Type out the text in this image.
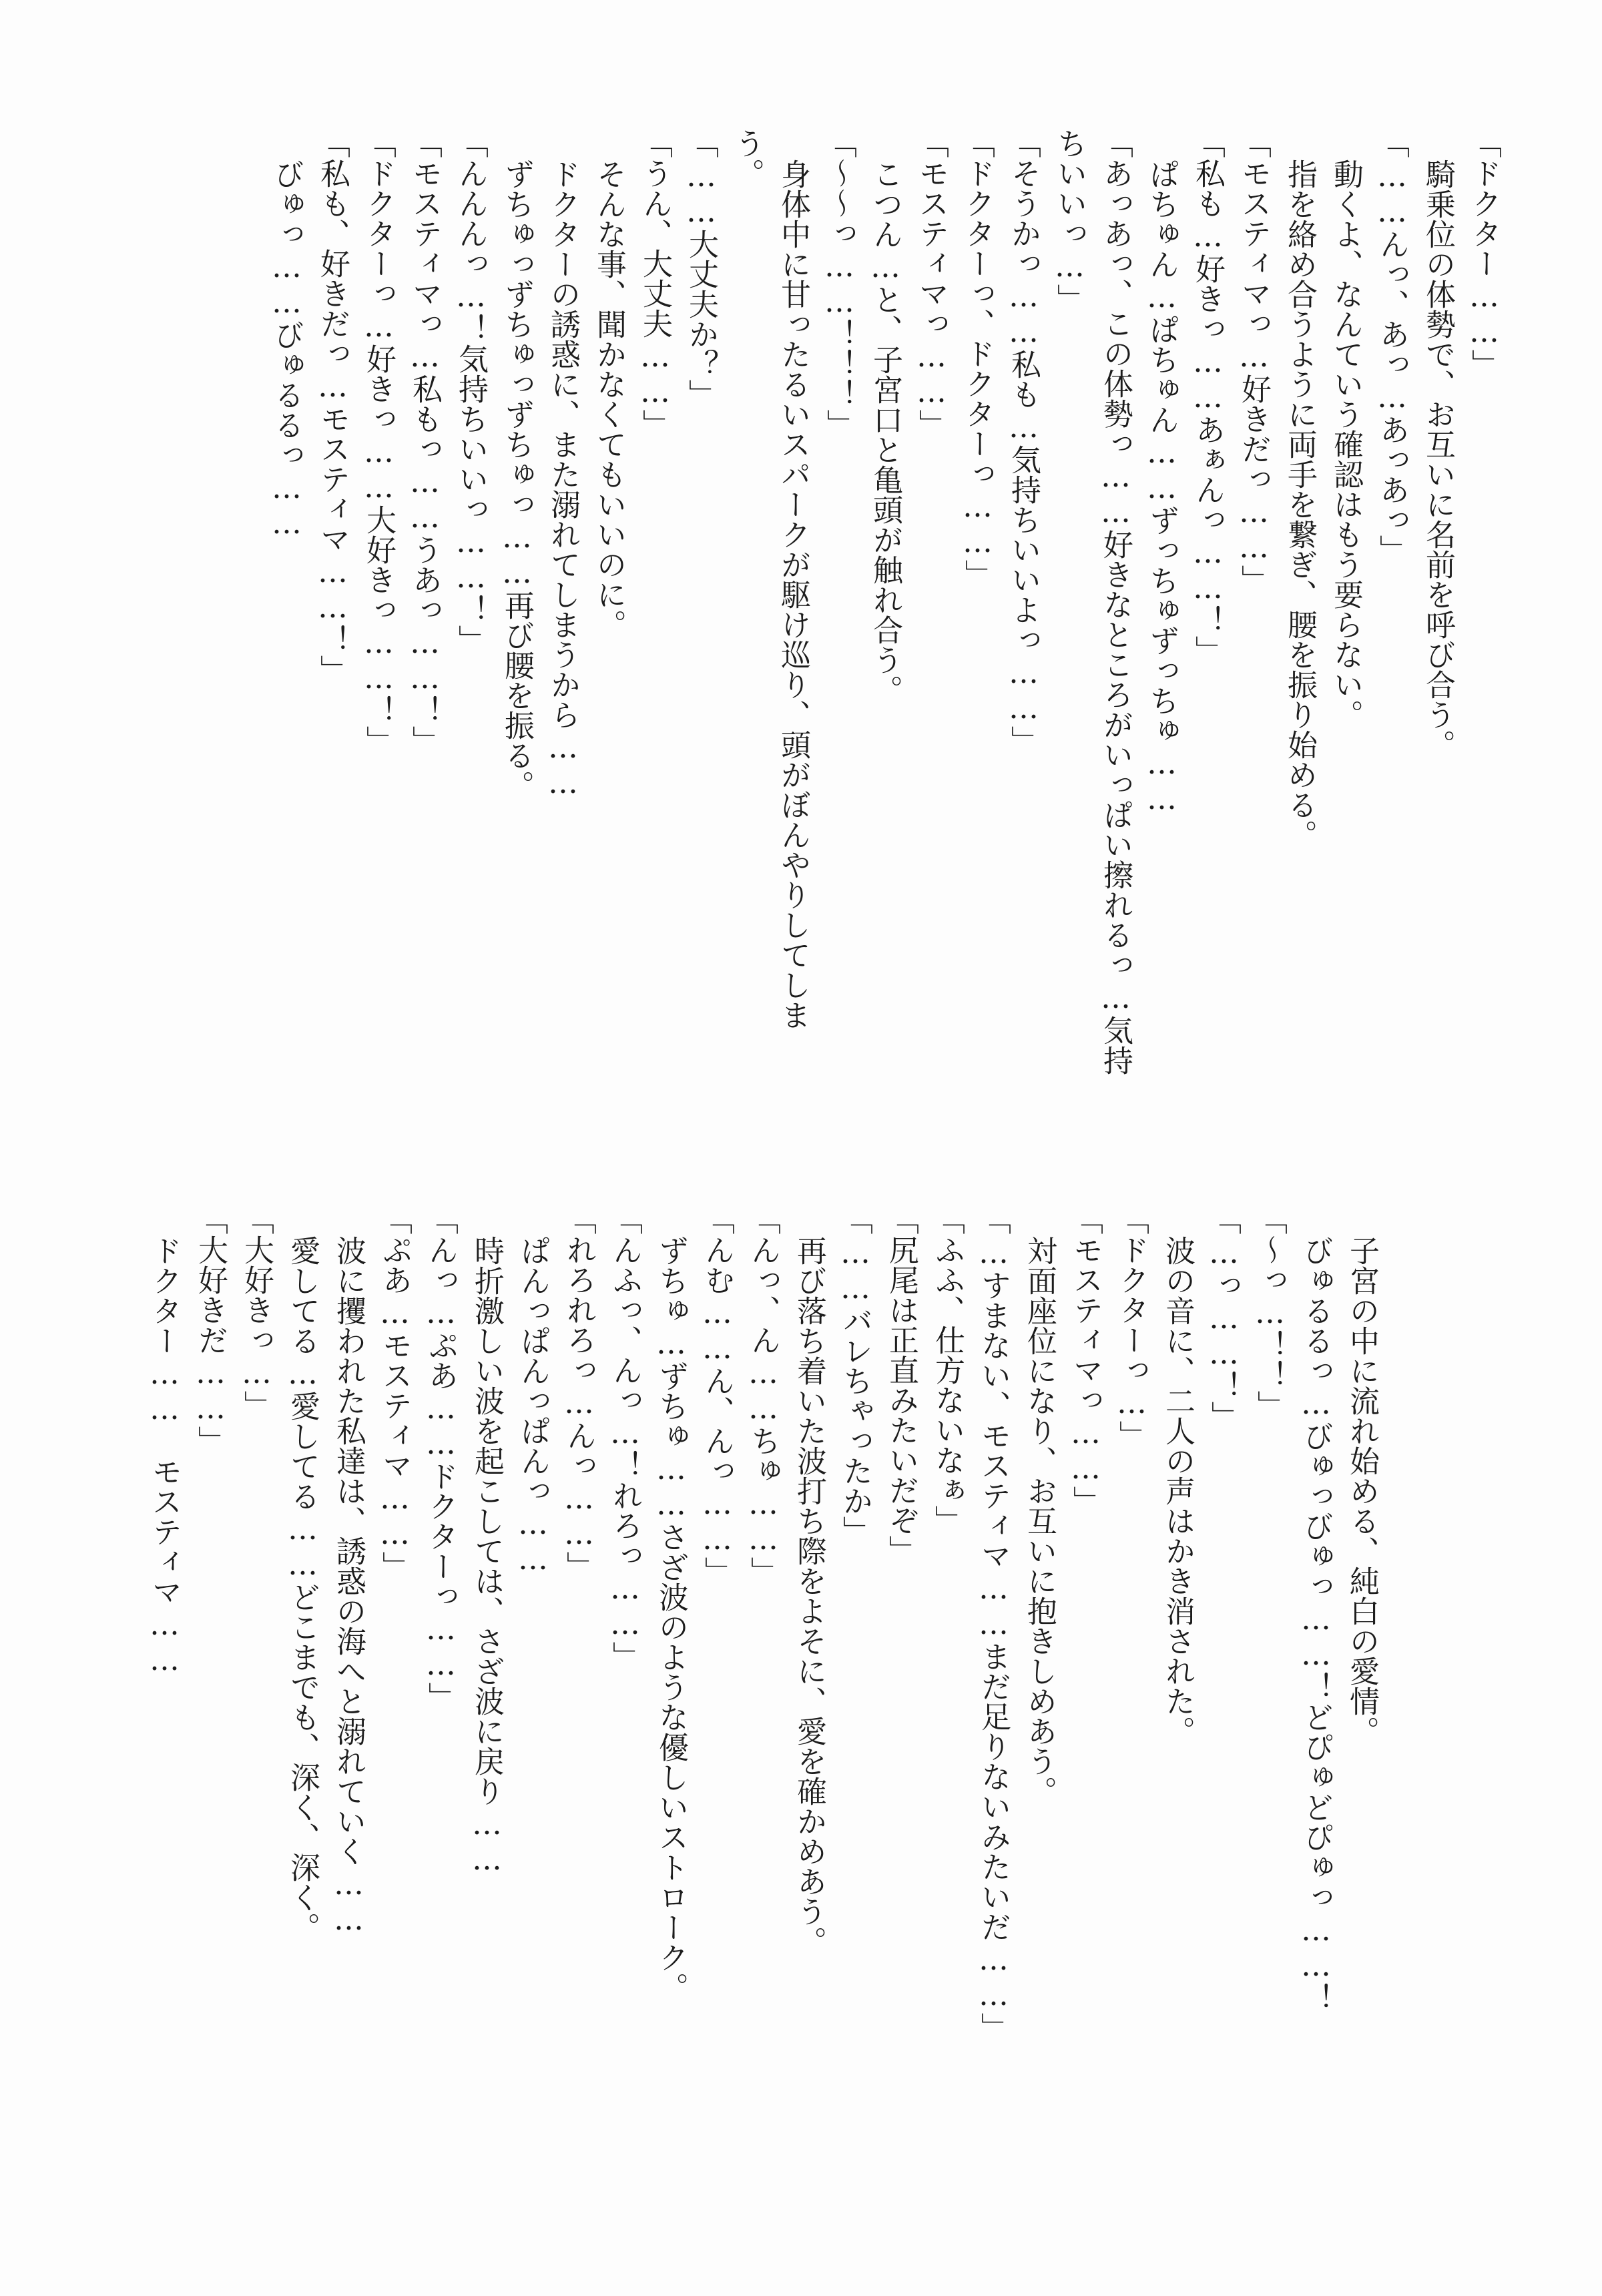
「ドクター……」

騎乗位の体勢で、お互いに名前を呼び合う。

「……んっ、あっ…あっあっ」

動くよ、なんていう確認はもう要らない。

指を絡め合うように両手を繋ぎ、腰を振り始める。

「モスティマっ…好きだっ……」

「私も…好きっ……あぁんっ……！」

ぱちゅん…ぱちゅん……ずっちゅずっちゅ……

「あっあっ、この体勢っ……好きなところがいっぱい擦れるっ…気持

ちいいっ…」

「そうかっ……私も…気持ちいいよっ……」

「ドクターっ、ドクターっ……」

「モスティマっ……」

こつん…と、子宮口と亀頭が触れ合う。

「～～っ……！！！」

身体中に甘ったるいスパークが駆け巡り、頭がぼんやりしてしま

う。

「……大丈夫か？」

「うん、大丈夫……」

そんな事、聞かなくてもいいのに。

ドクターの誘惑に、また溺れてしまうから……

ずちゅっずちゅっずちゅっ……再び腰を振る。

「んんんっ…！気持ちいいっ……！」

「モスティマっ…私もっ……うあっ……！」

「ドクターっ…好きっ……大好きっ……！」

「私も、好きだっ…モスティマ……！」

びゅっ……びゅるるっ……

子宮の中に流れ始める、純白の愛情。

びゅるるっ…びゅっびゅっ……！どぴゅどぴゅっ……！

「～っ…！！」

「…っ……！」

波の音に、二人の声はかき消された。

「ドクターっ…」

「モスティマっ……」

対面座位になり、お互いに抱きしめあう。

「…すまない、モスティマ……まだ足りないみたいだ……」

「ふふ、仕方ないなぁ」

「尻尾は正直みたいだぞ」

「……バレちゃったか」

再び落ち着いた波打ち際をよそに、愛を確かめあう。

「んっ、ん……ちゅ……」

「んむ……ん、んっ……」

ずちゅ…ずちゅ……さざ波のような優しいストローク。

「んふっ、んっ…！れろっ……」

「れろれろっ…んっ……」

ぱんっぱんっぱんっ……

時折激しい波を起こしては、さざ波に戻り……

「んっ…ぷあ……ドクターっ……」

「ぷあ…モスティマ……」

波に攫われた私達は、誘惑の海へと溺れていく……

愛してる…愛してる……どこまでも、深く、深く。

「大好きっ…」

「大好きだ……」

ドクター……　モスティマ……
